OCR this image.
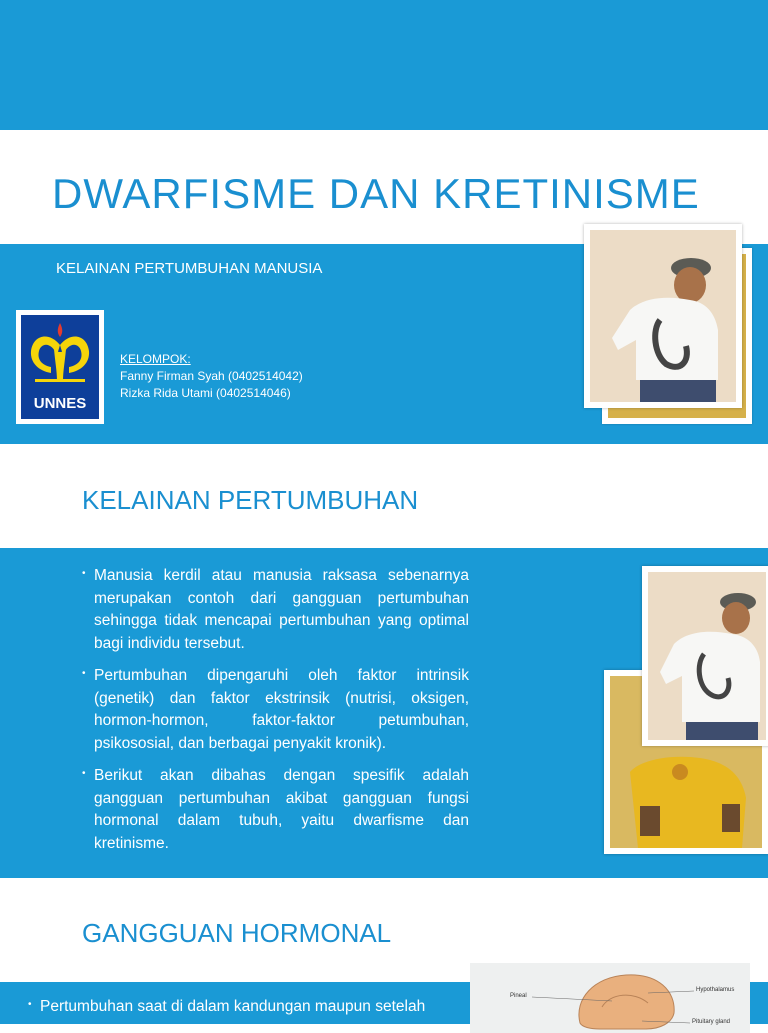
DWARFISME DAN KRETINISME
KELAINAN PERTUMBUHAN MANUSIA
UNNES
KELOMPOK:
Fanny Firman Syah (0402514042)
Rizka Rida Utami (0402514046)
KELAINAN PERTUMBUHAN
• Manusia kerdil atau manusia raksasa sebenarnya merupakan contoh dari gangguan pertumbuhan sehingga tidak mencapai pertumbuhan yang optimal bagi individu tersebut.
• Pertumbuhan dipengaruhi oleh faktor intrinsik (genetik) dan faktor ekstrinsik (nutrisi, oksigen, hormon-hormon, faktor-faktor petumbuhan, psikososial, dan berbagai penyakit kronik).
• Berikut akan dibahas dengan spesifik adalah gangguan pertumbuhan akibat gangguan fungsi hormonal dalam tubuh, yaitu dwarfisme dan kretinisme.
GANGGUAN HORMONAL
• Pertumbuhan saat di dalam kandungan maupun setelah
Pineal
Hypothalamus
Pituitary gland
